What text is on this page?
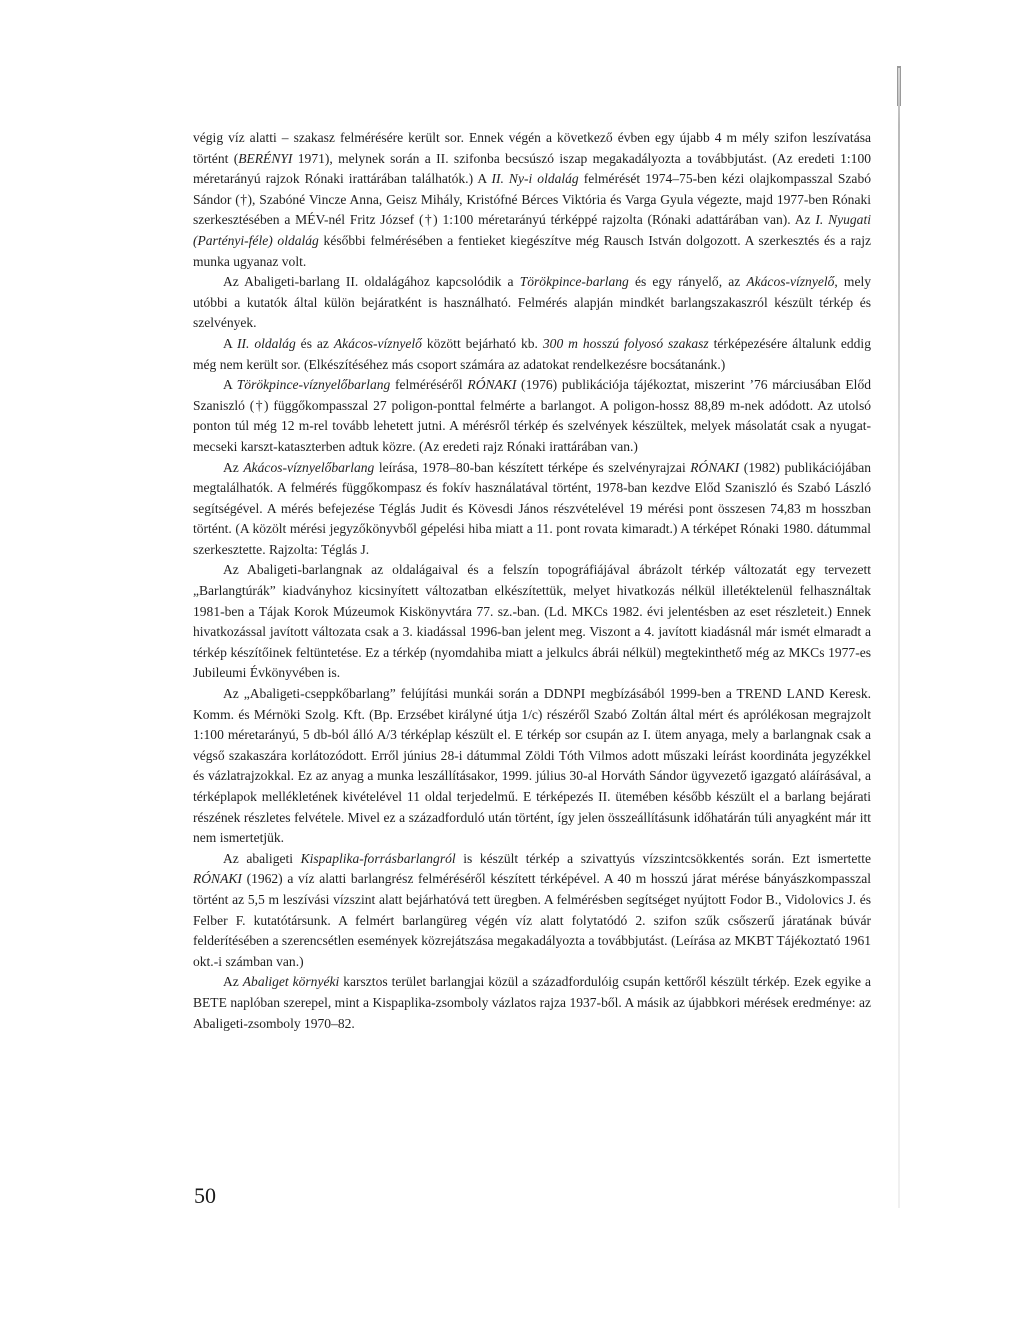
végig víz alatti – szakasz felmérésére került sor. Ennek végén a következő évben egy újabb 4 m mély szifon leszívatása történt (BERÉNYI 1971), melynek során a II. szifonba becsúszó iszap megakadályozta a továbbjutást. (Az eredeti 1:100 méretarányú rajzok Rónaki irattárában találhatók.) A II. Ny-i oldalág felmérését 1974–75-ben kézi olajkompasszal Szabó Sándor (†), Szabóné Vincze Anna, Geisz Mihály, Kristófné Bérces Viktória és Varga Gyula végezte, majd 1977-ben Rónaki szerkesztésében a MÉV-nél Fritz József (†) 1:100 méretarányú térképpé rajzolta (Rónaki adattárában van). Az I. Nyugati (Partényi-féle) oldalág későbbi felmérésében a fentieket kiegészítve még Rausch István dolgozott. A szerkesztés és a rajz munka ugyanaz volt.

Az Abaligeti-barlang II. oldalágához kapcsolódik a Törökpince-barlang és egy rányelő, az Akácos-víznyelő, mely utóbbi a kutatók által külön bejáratként is használható. Felmérés alapján mindkét barlangszakaszról készült térkép és szelvények.

A II. oldalág és az Akácos-víznyelő között bejárható kb. 300 m hosszú folyosó szakasz térképezésére általunk eddig még nem került sor. (Elkészítéséhez más csoport számára az adatokat rendelkezésre bocsátanánk.)

A Törökpince-víznyelőbarlang felméréséről RÓNAKI (1976) publikációja tájékoztat, miszerint ’76 márciusában Előd Szaniszló (†) függőkompasszal 27 poligon-ponttal felmérte a barlangot. A poligon-hossz 88,89 m-nek adódott. Az utolsó ponton túl még 12 m-rel tovább lehetett jutni. A mérésről térkép és szelvények készültek, melyek másolatát csak a nyugat-mecseki karszt-kataszterben adtuk közre. (Az eredeti rajz Rónaki irattárában van.)

Az Akácos-víznyelőbarlang leírása, 1978–80-ban készített térképe és szelvényrajzai RÓNAKI (1982) publikációjában megtalálhatók. A felmérés függőkompasz és fokív használatával történt, 1978-ban kezdve Előd Szaniszló és Szabó László segítségével. A mérés befejezése Téglás Judit és Kövesdi János részvételével 19 mérési pont összesen 74,83 m hosszban történt. (A közölt mérési jegyzőkönyvből gépelési hiba miatt a 11. pont rovata kimaradt.) A térképet Rónaki 1980. dátummal szerkesztette. Rajzolta: Téglás J.

Az Abaligeti-barlangnak az oldalágaival és a felszín topográfiájával ábrázolt térkép változatát egy tervezett „Barlangtúrák” kiadványhoz kicsinyített változatban elkészítettük, melyet hivatkozás nélkül illetéktelenül felhasználtak 1981-ben a Tájak Korok Múzeumok Kiskönyvtára 77. sz.-ban. (Ld. MKCs 1982. évi jelentésben az eset részleteit.) Ennek hivatkozással javított változata csak a 3. kiadással 1996-ban jelent meg. Viszont a 4. javított kiadásnál már ismét elmaradt a térkép készítőinek feltüntetése. Ez a térkép (nyomdahiba miatt a jelkulcs ábrái nélkül) megtekinthető még az MKCs 1977-es Jubileumi Évkönyvében is.

Az „Abaligeti-cseppkőbarlang” felújítási munkái során a DDNPI megbízásából 1999-ben a TREND LAND Keresk. Komm. és Mérnöki Szolg. Kft. (Bp. Erzsébet királyné útja 1/c) részéről Szabó Zoltán által mért és aprólékosan megrajzolt 1:100 méretarányú, 5 db-ból álló A/3 térképlap készült el. E térkép sor csupán az I. ütem anyaga, mely a barlangnak csak a végső szakaszára korlátozódott. Erről június 28-i dátummal Zöldi Tóth Vilmos adott műszaki leírást koordináta jegyzékkel és vázlatrajzokkal. Ez az anyag a munka leszállításakor, 1999. július 30-al Horváth Sándor ügyvezető igazgató aláírásával, a térképlapok mellékletének kivételével 11 oldal terjedelmű. E térképezés II. ütemében később készült el a barlang bejárati részének részletes felvétele. Mivel ez a századforduló után történt, így jelen összeállításunk időhatárán túli anyagként már itt nem ismertetjük.

Az abaligeti Kispaplika-forrásbarlangról is készült térkép a szivattyús vízszintcsökkentés során. Ezt ismertette RÓNAKI (1962) a víz alatti barlangrész felméréséről készített térképével. A 40 m hosszú járat mérése bányászkompasszal történt az 5,5 m leszívási vízszint alatt bejárhatóvá tett üregben. A felmérésben segítséget nyújtott Fodor B., Vidolovics J. és Felber F. kutatótársunk. A felmért barlangüreg végén víz alatt folytatódó 2. szifon szűk csőszerű járatának búvár felderítésében a szerencsétlen események közrejátszása megakadályozta a továbbjutást. (Leírása az MKBT Tájékoztató 1961 okt.-i számban van.)

Az Abaliget környéki karsztos terület barlangjai közül a századfordulóig csupán kettőről készült térkép. Ezek egyike a BETE naplóban szerepel, mint a Kispaplika-zsomboly vázlatos rajza 1937-ből. A másik az újabbkori mérések eredménye: az Abaligeti-zsomboly 1970–82.

50
